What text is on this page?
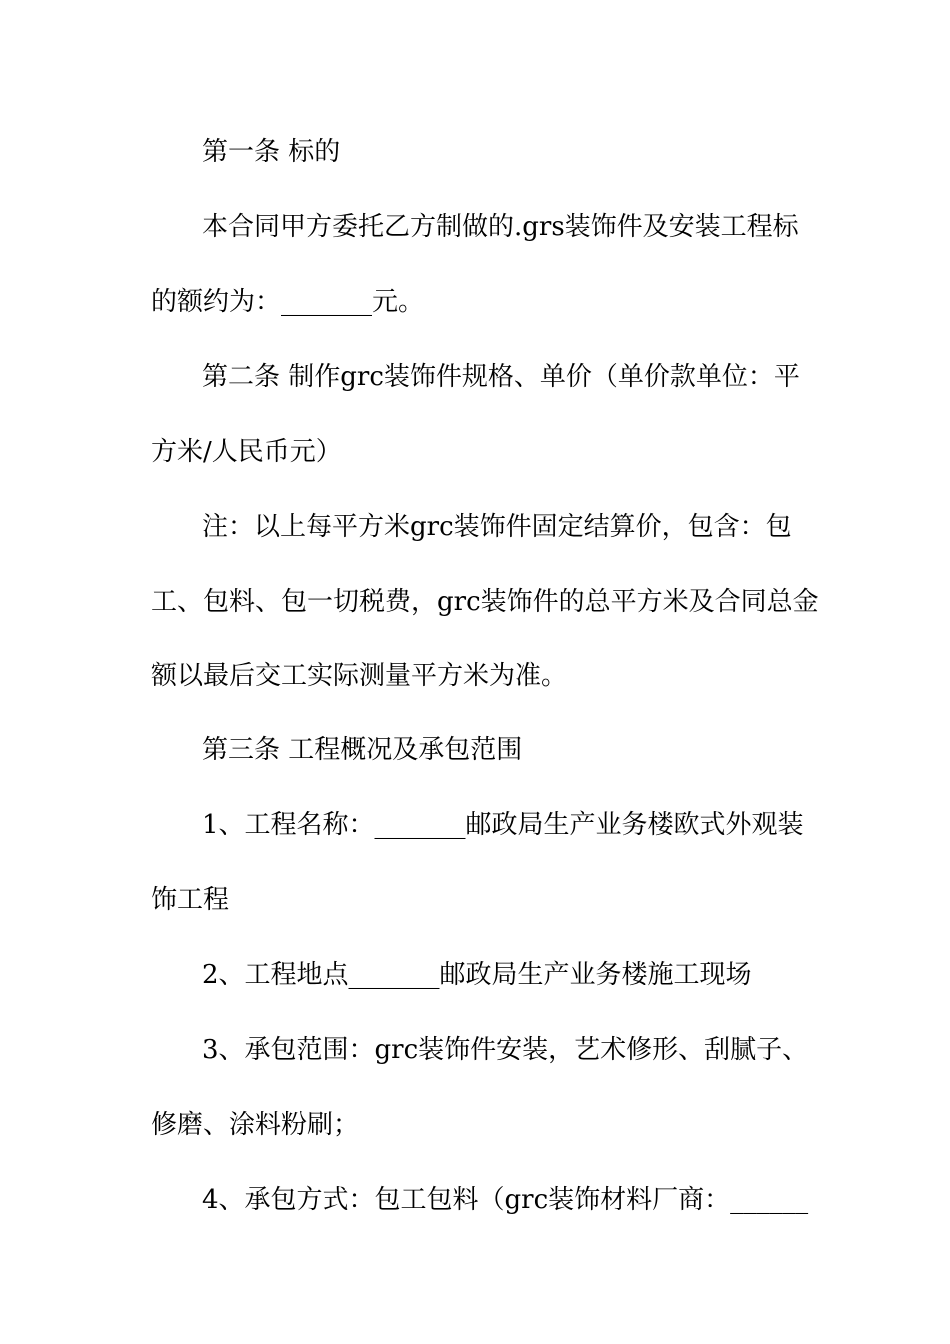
第一条 标的
本合同甲方委托乙方制做的.grs装饰件及安装工程标
的额约为：_______元。
第二条 制作grc装饰件规格、单价（单价款单位：平
方米/人民币元）
注：以上每平方米grc装饰件固定结算价，包含：包
工、包料、包一切税费，grc装饰件的总平方米及合同总金
额以最后交工实际测量平方米为准。
第三条 工程概况及承包范围
1、工程名称：_______邮政局生产业务楼欧式外观装
饰工程
2、工程地点_______邮政局生产业务楼施工现场
3、承包范围：grc装饰件安装，艺术修形、刮腻子、
修磨、涂料粉刷；
4、承包方式：包工包料（grc装饰材料厂商：______
